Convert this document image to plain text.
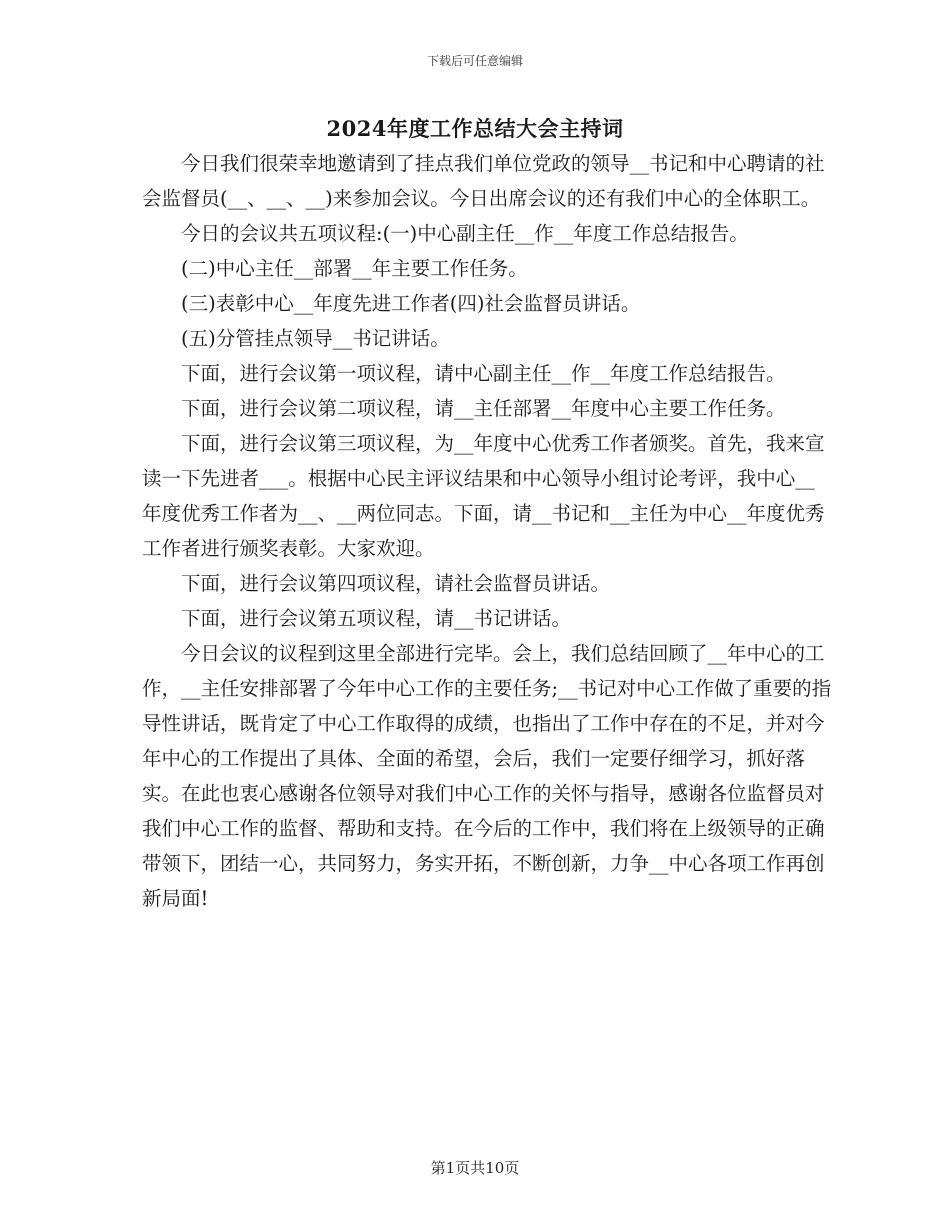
下载后可任意编辑
2024年度工作总结大会主持词

今日我们很荣幸地邀请到了挂点我们单位党政的领导__书记和中心聘请的社会监督员(__、__、__)来参加会议。今日出席会议的还有我们中心的全体职工。

今日的会议共五项议程:(一)中心副主任__作__年度工作总结报告。

(二)中心主任__部署__年主要工作任务。

(三)表彰中心__年度先进工作者(四)社会监督员讲话。

(五)分管挂点领导__书记讲话。

下面，进行会议第一项议程，请中心副主任__作__年度工作总结报告。

下面，进行会议第二项议程，请__主任部署__年度中心主要工作任务。

下面，进行会议第三项议程，为__年度中心优秀工作者颁奖。首先，我来宣读一下先进者___。根据中心民主评议结果和中心领导小组讨论考评，我中心__年度优秀工作者为__、__两位同志。下面，请__书记和__主任为中心__年度优秀工作者进行颁奖表彰。大家欢迎。

下面，进行会议第四项议程，请社会监督员讲话。

下面，进行会议第五项议程，请__书记讲话。

今日会议的议程到这里全部进行完毕。会上，我们总结回顾了__年中心的工作，__主任安排部署了今年中心工作的主要任务;__书记对中心工作做了重要的指导性讲话，既肯定了中心工作取得的成绩，也指出了工作中存在的不足，并对今年中心的工作提出了具体、全面的希望，会后，我们一定要仔细学习，抓好落实。在此也衷心感谢各位领导对我们中心工作的关怀与指导，感谢各位监督员对我们中心工作的监督、帮助和支持。在今后的工作中，我们将在上级领导的正确带领下，团结一心，共同努力，务实开拓，不断创新，力争__中心各项工作再创新局面!

第1页共10页
